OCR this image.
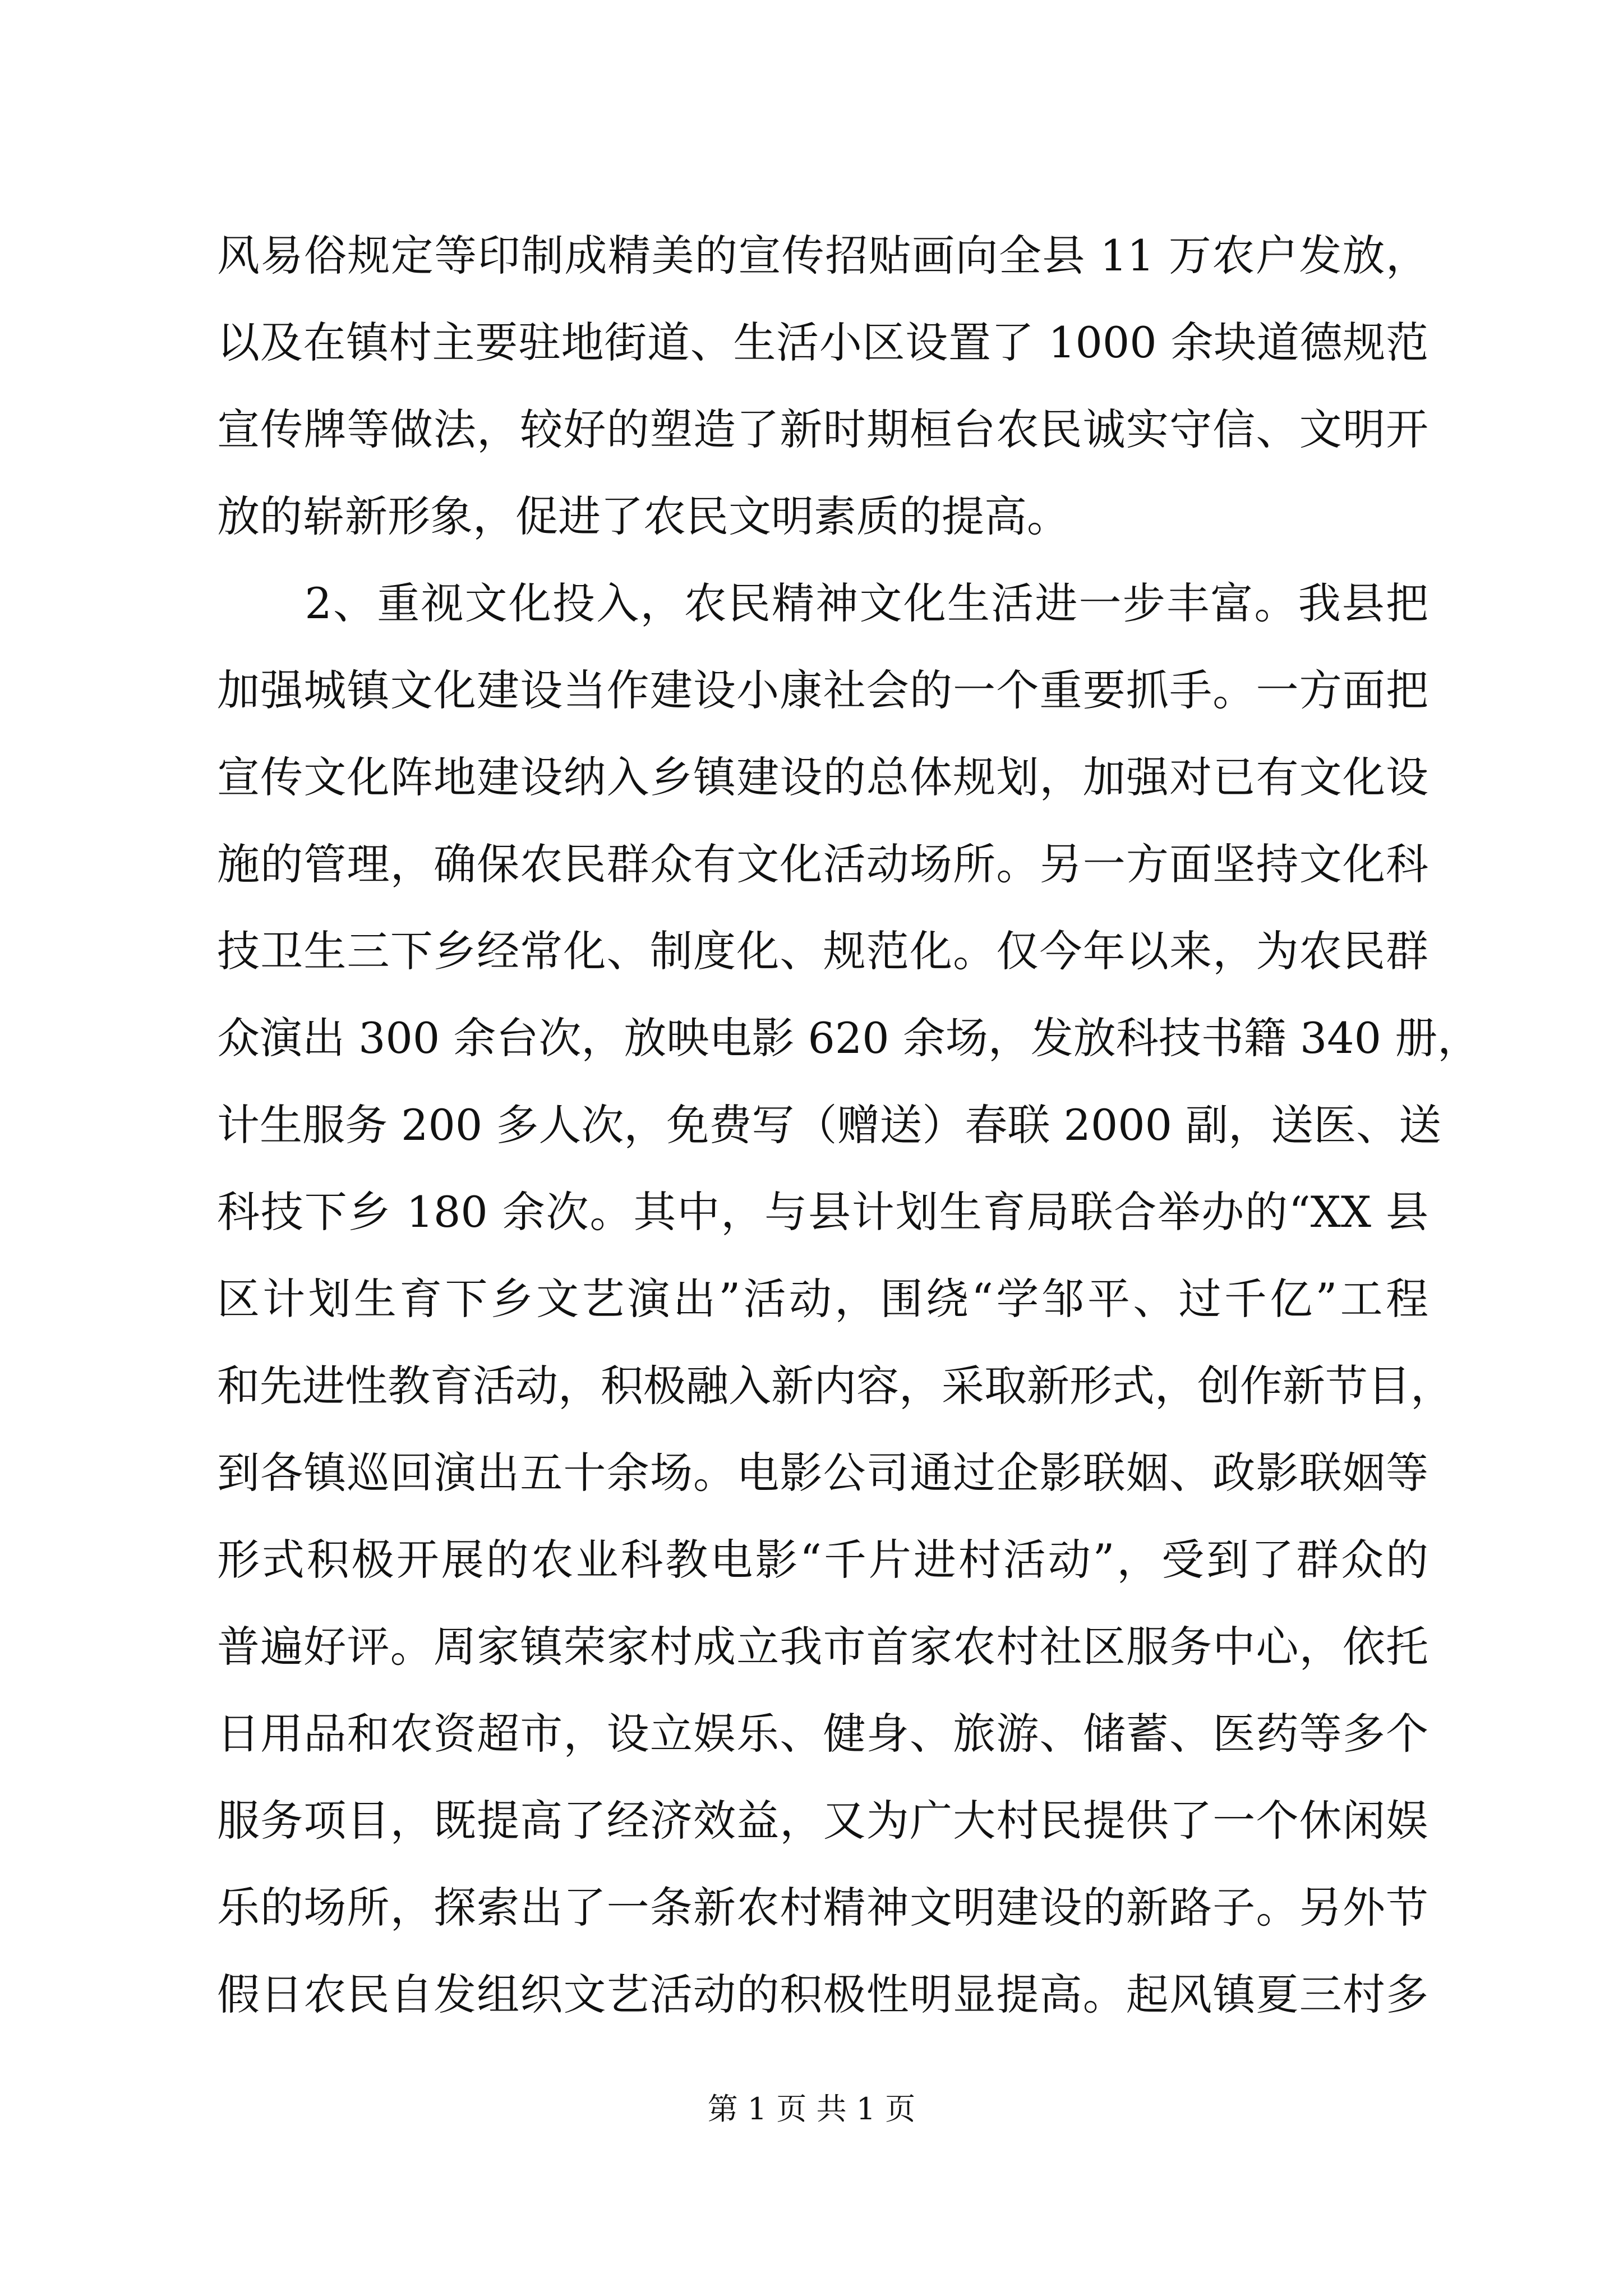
风易俗规定等印制成精美的宣传招贴画向全县 11 万农户发放，
以及在镇村主要驻地街道、生活小区设置了 1000 余块道德规范
宣传牌等做法，较好的塑造了新时期桓台农民诚实守信、文明开
放的崭新形象，促进了农民文明素质的提高。
　　2、重视文化投入，农民精神文化生活进一步丰富。我县把
加强城镇文化建设当作建设小康社会的一个重要抓手。一方面把
宣传文化阵地建设纳入乡镇建设的总体规划，加强对已有文化设
施的管理，确保农民群众有文化活动场所。另一方面坚持文化科
技卫生三下乡经常化、制度化、规范化。仅今年以来，为农民群
众演出 300 余台次，放映电影 620 余场，发放科技书籍 340 册，
计生服务 200 多人次，免费写（赠送）春联 2000 副，送医、送
科技下乡 180 余次。其中，与县计划生育局联合举办的“XX 县
区计划生育下乡文艺演出”活动，围绕“学邹平、过千亿”工程
和先进性教育活动，积极融入新内容，采取新形式，创作新节目，
到各镇巡回演出五十余场。电影公司通过企影联姻、政影联姻等
形式积极开展的农业科教电影“千片进村活动”，受到了群众的
普遍好评。周家镇荣家村成立我市首家农村社区服务中心，依托
日用品和农资超市，设立娱乐、健身、旅游、储蓄、医药等多个
服务项目，既提高了经济效益，又为广大村民提供了一个休闲娱
乐的场所，探索出了一条新农村精神文明建设的新路子。另外节
假日农民自发组织文艺活动的积极性明显提高。起风镇夏三村多
第 1 页 共 1 页
